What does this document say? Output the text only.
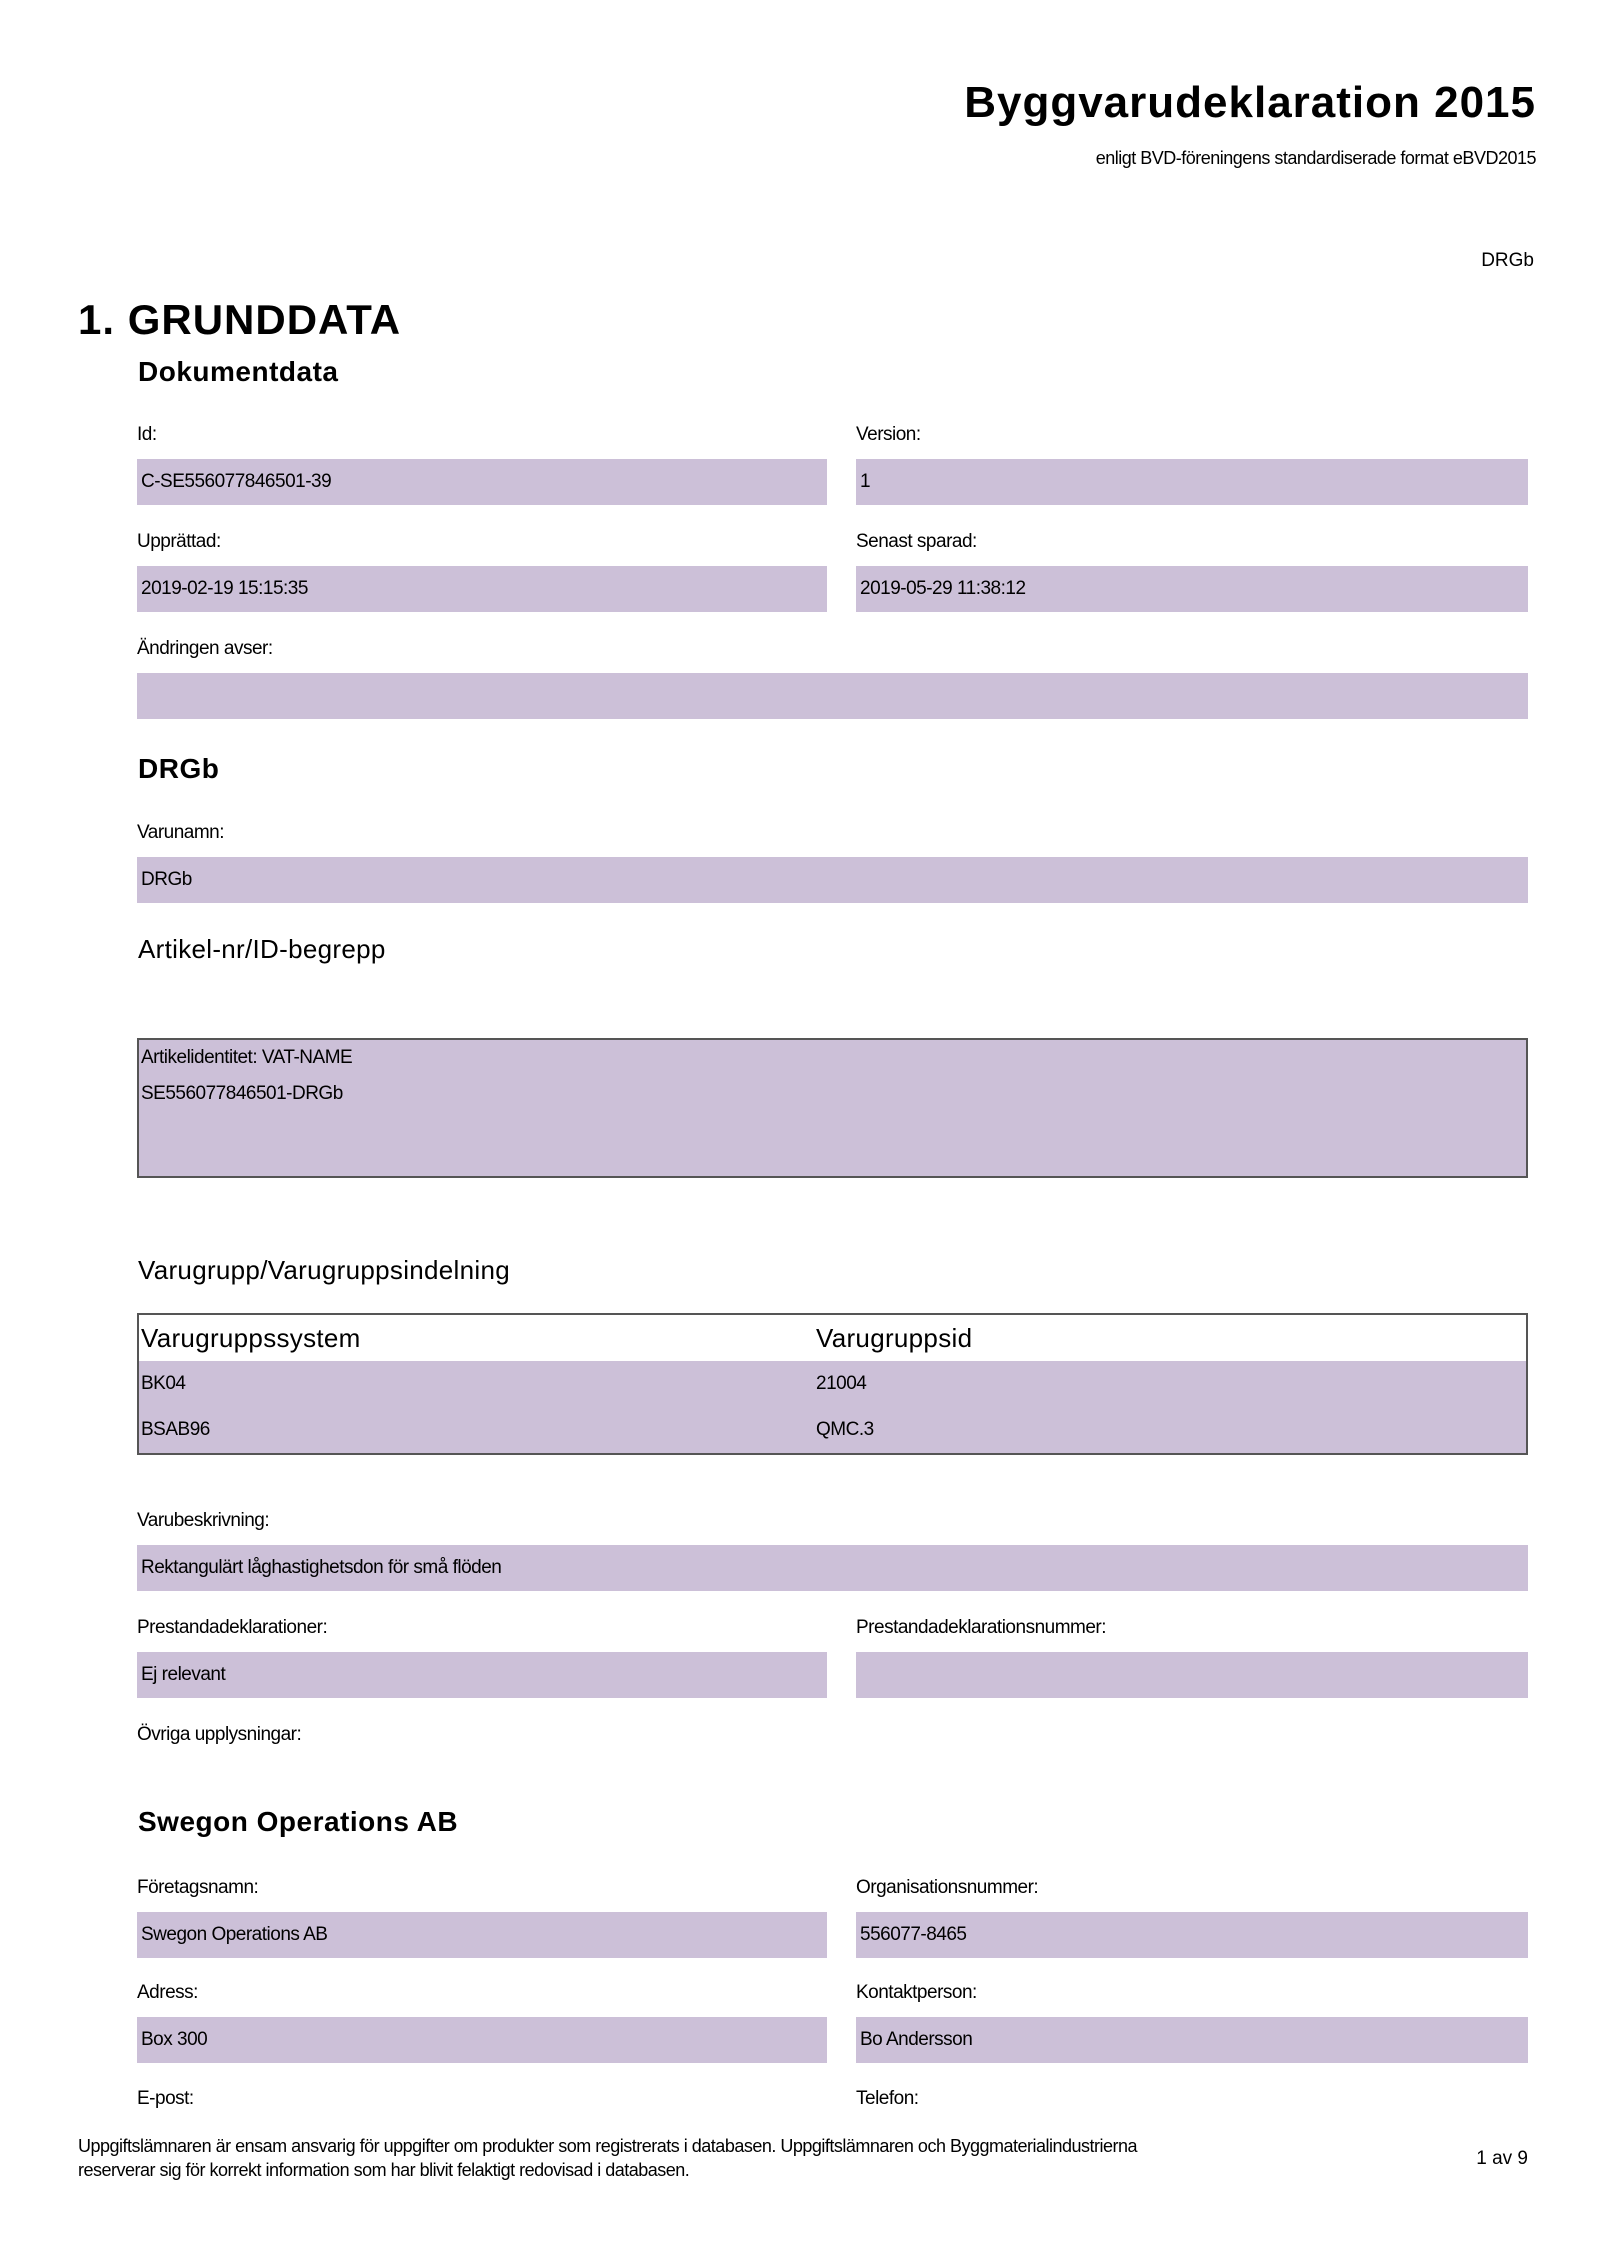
Byggvarudeklaration 2015
enligt BVD-föreningens standardiserade format eBVD2015
DRGb
1. GRUNDDATA
Dokumentdata
Id:
C-SE556077846501-39
Version:
1
Upprättad:
2019-02-19 15:15:35
Senast sparad:
2019-05-29 11:38:12
Ändringen avser:
DRGb
Varunamn:
DRGb
Artikel-nr/ID-begrepp
Artikelidentitet: VAT-NAME
SE556077846501-DRGb
Varugrupp/Varugruppsindelning
Varugruppssystem	Varugruppsid
BK04	21004
BSAB96	QMC.3
Varubeskrivning:
Rektangulärt låghastighetsdon för små flöden
Prestandadeklarationer:
Ej relevant
Prestandadeklarationsnummer:
Övriga upplysningar:
Swegon Operations AB
Företagsnamn:
Swegon Operations AB
Organisationsnummer:
556077-8465
Adress:
Box 300
Kontaktperson:
Bo Andersson
E-post:	Telefon:
Uppgiftslämnaren är ensam ansvarig för uppgifter om produkter som registrerats i databasen. Uppgiftslämnaren och Byggmaterialindustrierna reserverar sig för korrekt information som har blivit felaktigt redovisad i databasen.
1 av 9
